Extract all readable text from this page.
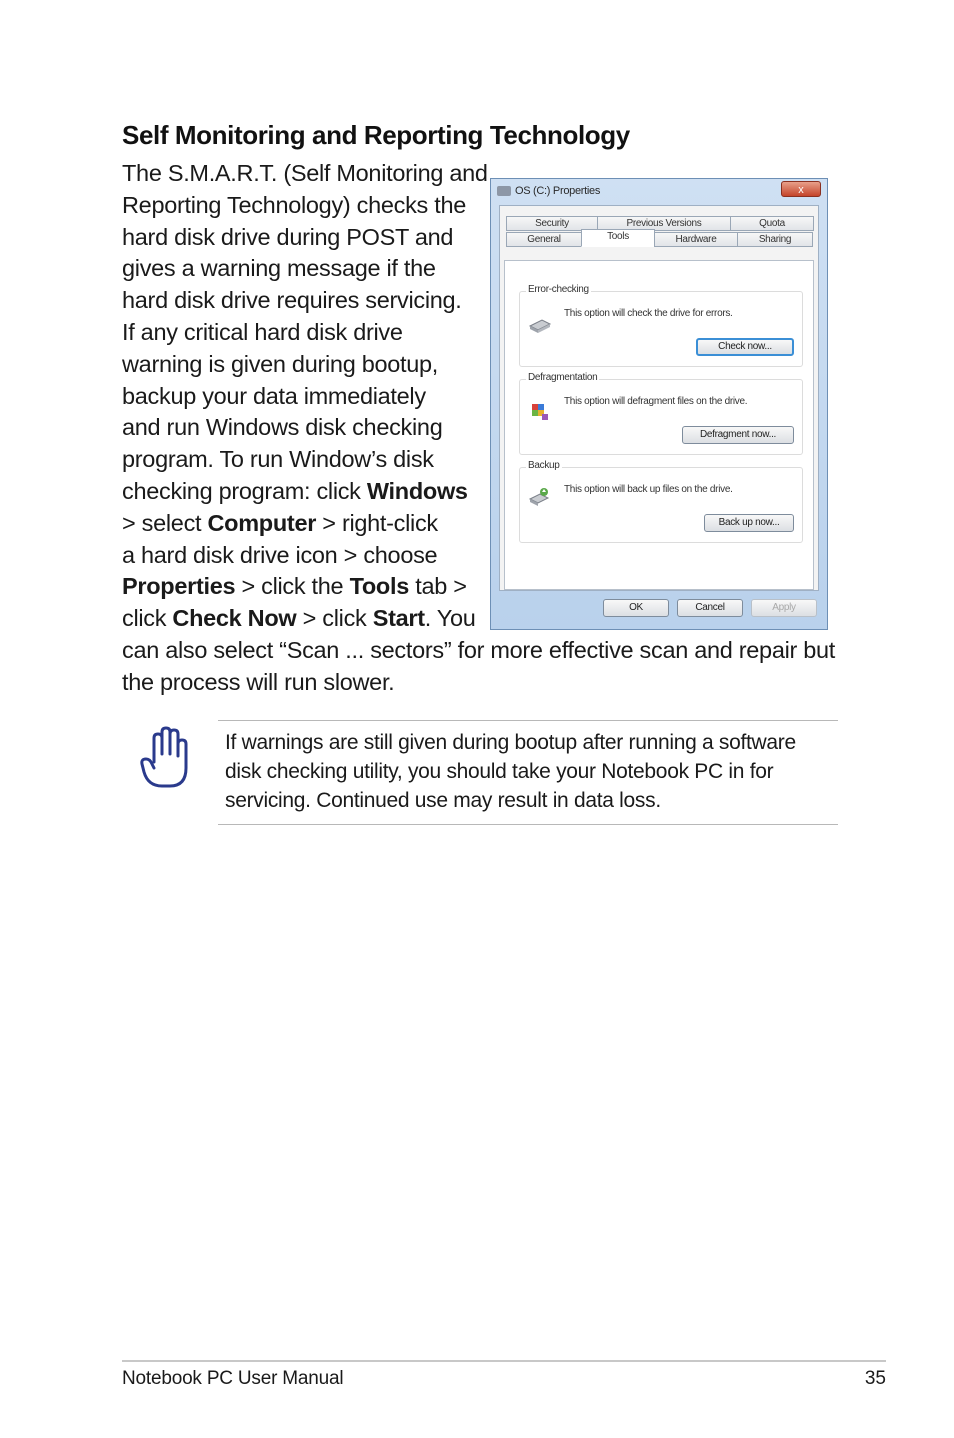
Self Monitoring and Reporting Technology
The S.M.A.R.T. (Self Monitoring and
Reporting Technology) checks the
hard disk drive during POST and
gives a warning message if the
hard disk drive requires servicing.
If any critical hard disk drive
warning is given during bootup,
backup your data immediately
and run Windows disk checking
program. To run Window’s disk
checking program: click Windows
> select Computer > right-click
a hard disk drive icon > choose
Properties > click the Tools tab >
click Check Now > click Start. You
can also select “Scan ... sectors” for more effective scan and repair but
the process will run slower.
OS (C:) Properties	x
Security	Previous Versions	Quota
General	Tools	Hardware	Sharing
Error-checking
This option will check the drive for errors.
Check now...
Defragmentation
This option will defragment files on the drive.
Defragment now...
Backup
This option will back up files on the drive.
Back up now...
OK	Cancel	Apply
If warnings are still given during bootup after running a software
disk checking utility, you should take your Notebook PC in for
servicing. Continued use may result in data loss.
Notebook PC User Manual	35
